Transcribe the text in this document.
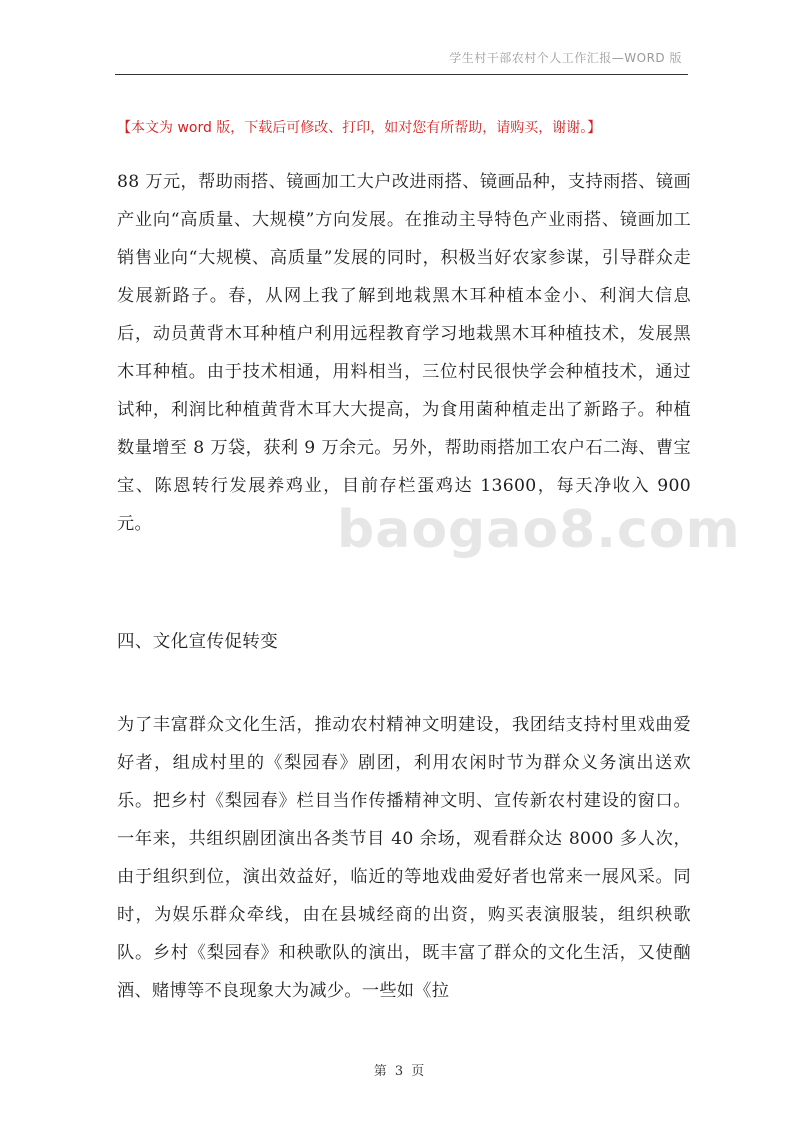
学生村干部农村个人工作汇报—WORD 版
【本文为 word 版，下载后可修改、打印，如对您有所帮助，请购买，谢谢。】
baogao8.com

88 万元，帮助雨搭、镜画加工大户改进雨搭、镜画品种，支持雨搭、镜画产业向“高质量、大规模”方向发展。在推动主导特色产业雨搭、镜画加工销售业向“大规模、高质量”发展的同时，积极当好农家参谋，引导群众走发展新路子。春，从网上我了解到地栽黑木耳种植本金小、利润大信息后，动员黄背木耳种植户利用远程教育学习地栽黑木耳种植技术，发展黑木耳种植。由于技术相通，用料相当，三位村民很快学会种植技术，通过试种，利润比种植黄背木耳大大提高，为食用菌种植走出了新路子。种植数量增至 8 万袋，获利 9 万余元。另外，帮助雨搭加工农户石二海、曹宝宝、陈恩转行发展养鸡业，目前存栏蛋鸡达 13600，每天净收入 900 元。

四、文化宣传促转变

为了丰富群众文化生活，推动农村精神文明建设，我团结支持村里戏曲爱好者，组成村里的《梨园春》剧团，利用农闲时节为群众义务演出送欢乐。把乡村《梨园春》栏目当作传播精神文明、宣传新农村建设的窗口。一年来，共组织剧团演出各类节目 40 余场，观看群众达 8000 多人次，由于组织到位，演出效益好，临近的等地戏曲爱好者也常来一展风采。同时，为娱乐群众牵线，由在县城经商的出资，购买表演服装，组织秧歌队。乡村《梨园春》和秧歌队的演出，既丰富了群众的文化生活，又使酗酒、赌博等不良现象大为减少。一些如《拉

第 3 页
